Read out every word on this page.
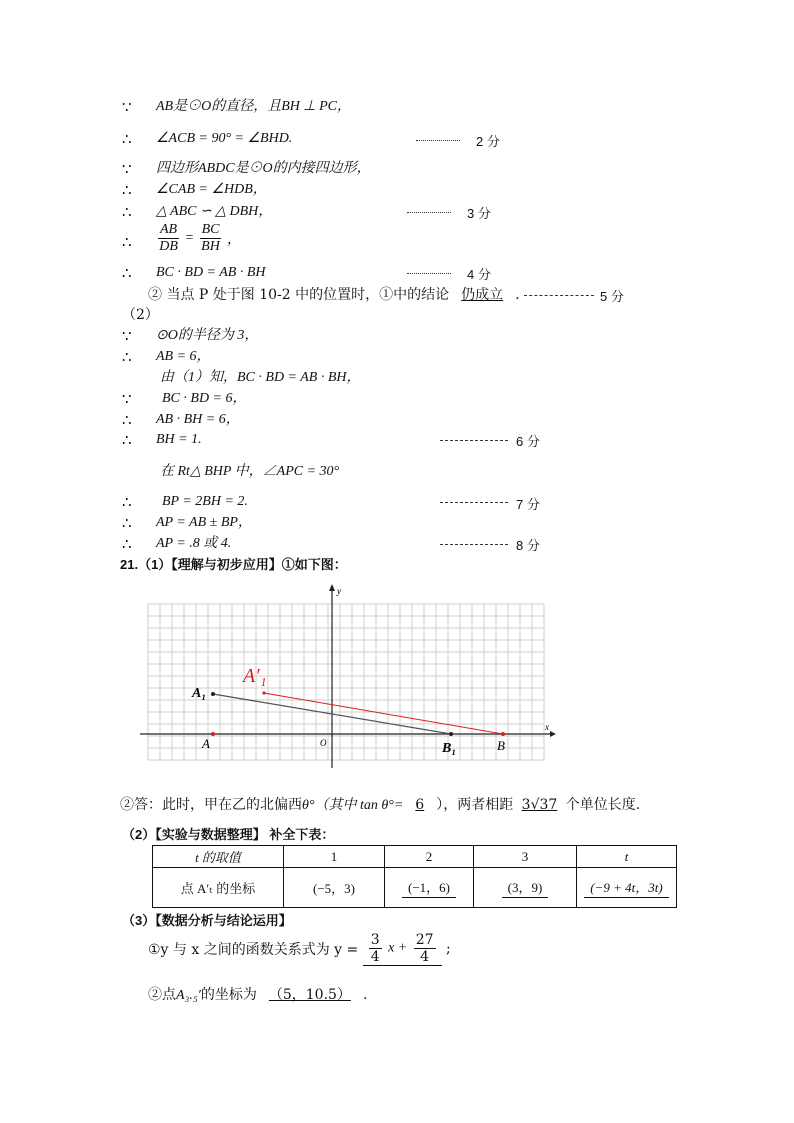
∵ AB是⊙O的直径，且BH ⊥ PC，
∴ ∠ACB = 90° = ∠BHD.	2 分
∵ 四边形ABDC是⊙O的内接四边形，
∴ ∠CAB = ∠HDB，
∴ △ ABC ∽ △ DBH，	3 分
∴ $\frac{AB}{DB} = \frac{BC}{BH}$ ，
∴ BC · BD = AB · BH	4 分
② 当点 P 处于图 10-2 中的位置时，①中的结论 仍成立 .	5 分
（2）
∵ ⊙O的半径为 3，
∴ AB = 6，
由（1）知，BC · BD = AB · BH，
∵ BC · BD = 6，
∴ AB · BH = 6，
∴ BH = 1.	6 分
在 Rt△ BHP 中，∠APC = 30°
∴ BP = 2BH = 2.	7 分
∴ AP = AB ± BP，
∴ AP = .8 或 4.	8 分
21.（1）【理解与初步应用】①如下图：
y
x
O
A₁
A
A′₁
B₁	B
②答：此时，甲在乙的北偏西θ°（其中 tan θ°= 6 ），两者相距 3√37 个单位长度.
（2）【实验与数据整理】 补全下表：
t 的取值	1	2	3	t
点 A′ₜ 的坐标	(−5，3)	(−1，6)	(3，9)	(−9 + 4t，3t)
（3）【数据分析与结论运用】
①y 与 x 之间的函数关系式为 $y = \frac{3}{4}$ $x + \frac{27}{4}$ ;
②点A₃.₅′的坐标为 （5，10.5） .
